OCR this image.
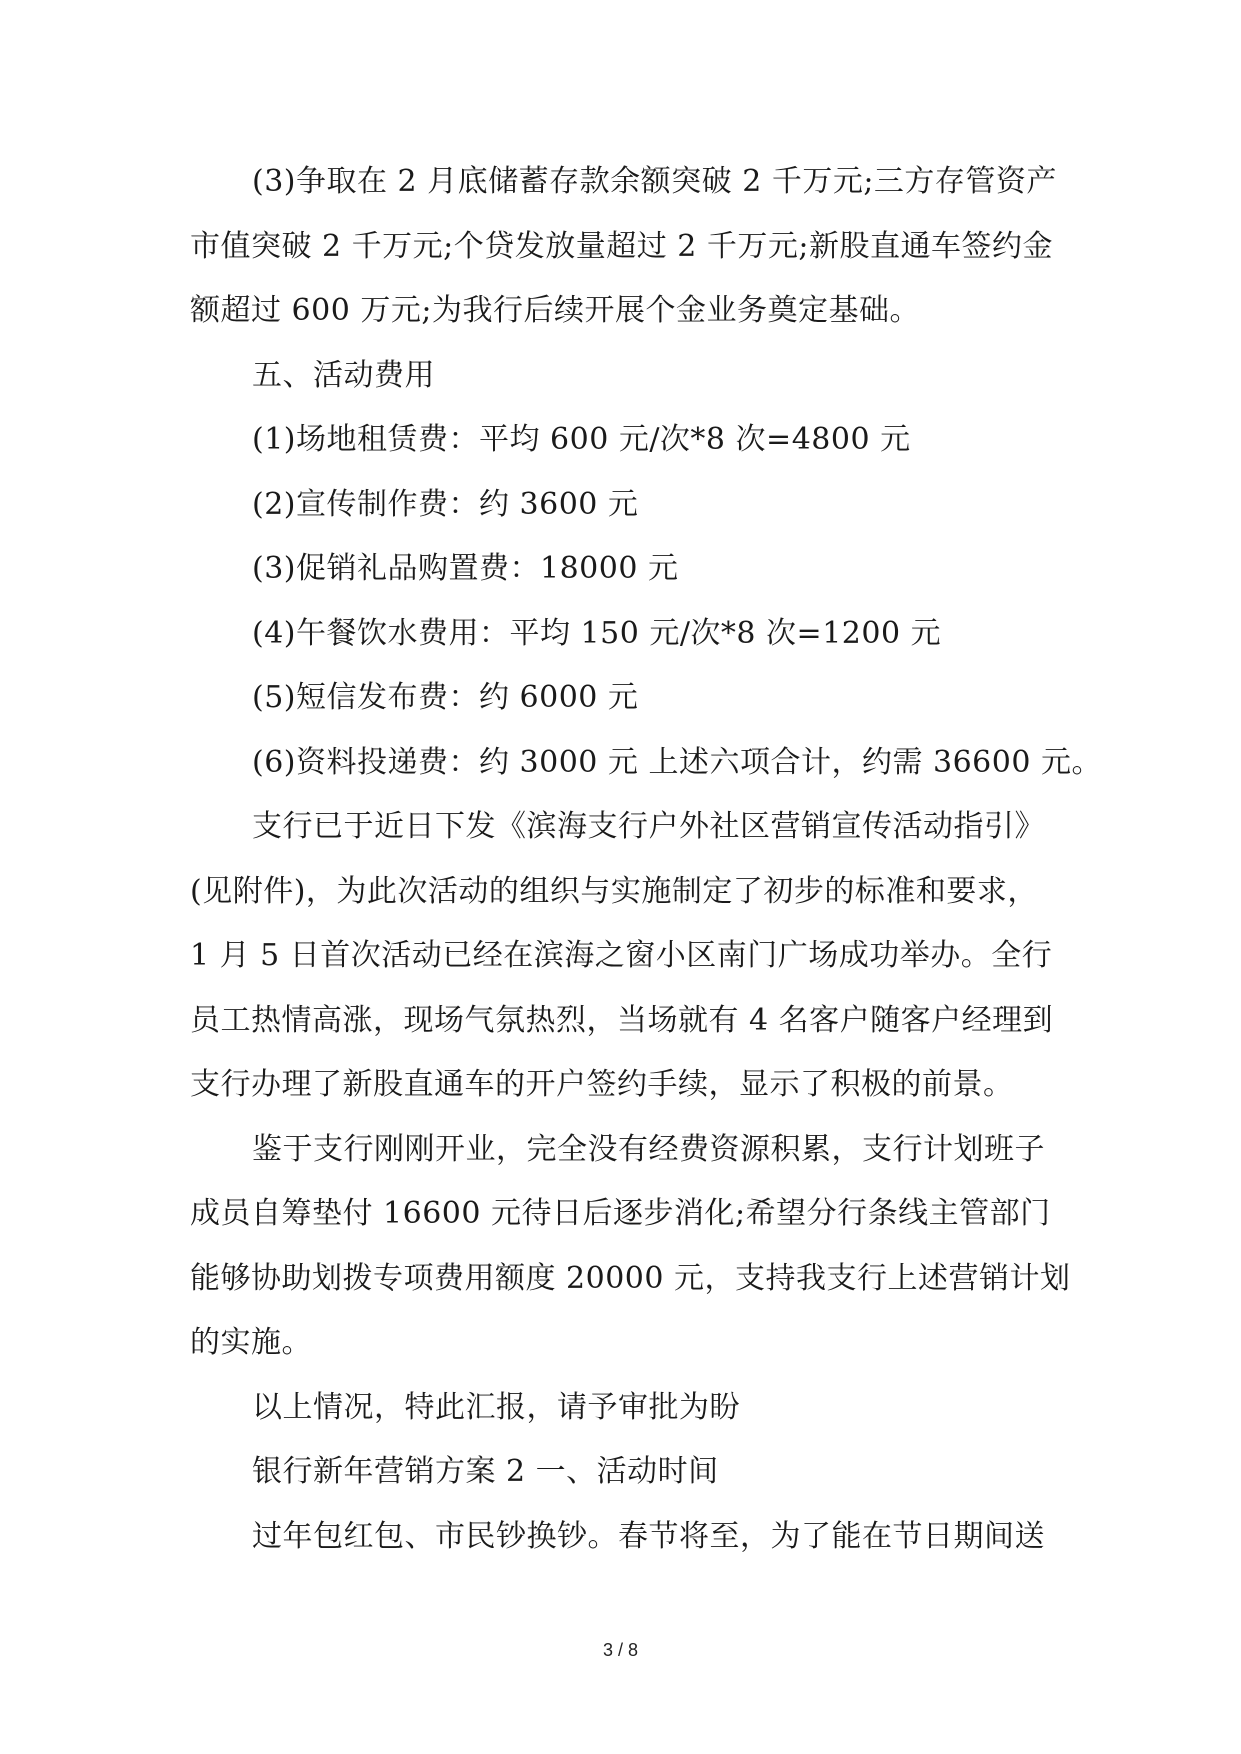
(3)争取在 2 月底储蓄存款余额突破 2 千万元;三方存管资产
市值突破 2 千万元;个贷发放量超过 2 千万元;新股直通车签约金
额超过 600 万元;为我行后续开展个金业务奠定基础。
五、活动费用
(1)场地租赁费：平均 600 元/次*8 次=4800 元
(2)宣传制作费：约 3600 元
(3)促销礼品购置费：18000 元
(4)午餐饮水费用：平均 150 元/次*8 次=1200 元
(5)短信发布费：约 6000 元
(6)资料投递费：约 3000 元 上述六项合计，约需 36600 元。
支行已于近日下发《滨海支行户外社区营销宣传活动指引》
(见附件)，为此次活动的组织与实施制定了初步的标准和要求，
1 月 5 日首次活动已经在滨海之窗小区南门广场成功举办。全行
员工热情高涨，现场气氛热烈，当场就有 4 名客户随客户经理到
支行办理了新股直通车的开户签约手续，显示了积极的前景。
鉴于支行刚刚开业，完全没有经费资源积累，支行计划班子
成员自筹垫付 16600 元待日后逐步消化;希望分行条线主管部门
能够协助划拨专项费用额度 20000 元，支持我支行上述营销计划
的实施。
以上情况，特此汇报，请予审批为盼
银行新年营销方案 2 一、活动时间
过年包红包、市民钞换钞。春节将至，为了能在节日期间送
3 / 8
